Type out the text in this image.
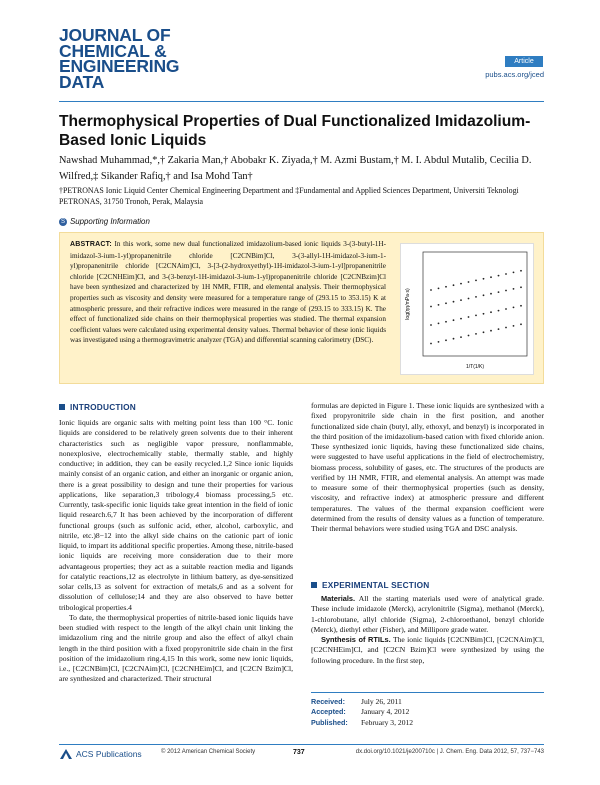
JOURNAL OF
CHEMICAL &
ENGINEERING
DATA
Article
pubs.acs.org/jced
Thermophysical Properties of Dual Functionalized Imidazolium-Based Ionic Liquids
Nawshad Muhammad,*,† Zakaria Man,† Abobakr K. Ziyada,† M. Azmi Bustam,† M. I. Abdul Mutalib, Cecilia D. Wilfred,‡ Sikander Rafiq,† and Isa Mohd Tan†
†PETRONAS Ionic Liquid Center Chemical Engineering Department and ‡Fundamental and Applied Sciences Department, Universiti Teknologi PETRONAS, 31750 Tronoh, Perak, Malaysia
S Supporting Information
ABSTRACT: In this work, some new dual functionalized imidazolium-based ionic liquids 3-(3-butyl-1H-imidazol-3-ium-1-yl)propanenitrile chloride [C2CNBim]Cl, 3-(3-allyl-1H-imidazol-3-ium-1-yl)propanenitrile chloride [C2CNAim]Cl, 3-[3-(2-hydroxyethyl)-1H-imidazol-3-ium-1-yl]propanenitrile chloride [C2CNHEim]Cl, and 3-(3-benzyl-1H-imidazol-3-ium-1-yl)propanenitrile chloride [C2CNBzim]Cl have been synthesized and characterized by 1H NMR, FTIR, and elemental analysis. Their thermophysical properties such as viscosity and density were measured for a temperature range of (293.15 to 353.15) K at atmospheric pressure, and their refractive indices were measured in the range of (293.15 to 333.15) K. The effect of functionalized side chains on their thermophysical properties was studied. The thermal expansion coefficient values were calculated using experimental density values. Thermal behavior of these ionic liquids was investigated using a thermogravimetric analyzer (TGA) and differential scanning calorimetry (DSC).
log(ηη/mPa·s)
1/T(1/K)
INTRODUCTION

Ionic liquids are organic salts with melting point less than 100 °C. Ionic liquids are considered to be relatively green solvents due to their inherent characteristics such as negligible vapor pressure, nonflammable, nonexplosive, electrochemically stable, thermally stable, and highly conductive; in addition, they can be easily recycled.1,2 Since ionic liquids mainly consist of an organic cation, and either an inorganic or organic anion, there is a great possibility to design and tune their properties for various applications, like separation,3 tribology,4 biomass processing,5 etc. Currently, task-specific ionic liquids take great intention in the field of ionic liquid research.6,7 It has been achieved by the incorporation of different functional groups (such as sulfonic acid, ether, alcohol, carboxylic, and nitrile, etc.)8−12 into the alkyl side chains on the cationic part of ionic liquid, to impart its additional specific properties. Among these, nitrile-based ionic liquids are receiving more consideration due to their more advantageous properties; they act as a suitable reaction media and ligands for catalytic reactions,12 as electrolyte in lithium battery, as dye-sensitized solar cells,13 as solvent for extraction of metals,6 and as a solvent for dissolution of cellulose;14 and they are also observed to have better tribological properties.4

To date, the thermophysical properties of nitrile-based ionic liquids have been studied with respect to the length of the alkyl chain unit linking the imidazolium ring and the nitrile group and also the effect of alkyl chain length in the third position with a fixed propyronitrile side chain in the first position of the imidazolium ring.4,15 In this work, some new ionic liquids, i.e., [C2CNBim]Cl, [C2CNAim]Cl, [C2CNHEim]Cl, and [C2CN Bzim]Cl, are synthesized and characterized. Their structural

formulas are depicted in Figure 1. These ionic liquids are synthesized with a fixed propyronitrile side chain in the first position, and another functionalized side chain (butyl, ally, ethoxyl, and benzyl) is incorporated in the third position of the imidazolium-based cation with fixed chloride anion. These synthesized ionic liquids, having these functionalized side chains, were suggested to have useful applications in the field of electrochemistry, biomass process, solubility of gases, etc. The structures of the products are verified by 1H NMR, FTIR, and elemental analysis. An attempt was made to measure some of their thermophysical properties (such as density, viscosity, and refractive index) at atmospheric pressure and different temperatures. The values of the thermal expansion coefficient were determined from the results of density values as a function of temperature. Their thermal behaviors were studied using TGA and DSC analysis.

EXPERIMENTAL SECTION

Materials. All the starting materials used were of analytical grade. These include imidazole (Merck), acrylonitrile (Sigma), methanol (Merck), 1-chlorobutane, allyl chloride (Sigma), 2-chloroethanol, benzyl chloride (Merck), diethyl ether (Fisher), and Millipore grade water.

Synthesis of RTILs. The ionic liquids [C2CNBim]Cl, [C2CNAim]Cl, [C2CNHEim]Cl, and [C2CN Bzim]Cl were synthesized by using the following procedure. In the first step,

Received: July 26, 2011
Accepted: January 4, 2012
Published: February 3, 2012
ACS Publications	© 2012 American Chemical Society	737	dx.doi.org/10.1021/je200710c | J. Chem. Eng. Data 2012, 57, 737−743
